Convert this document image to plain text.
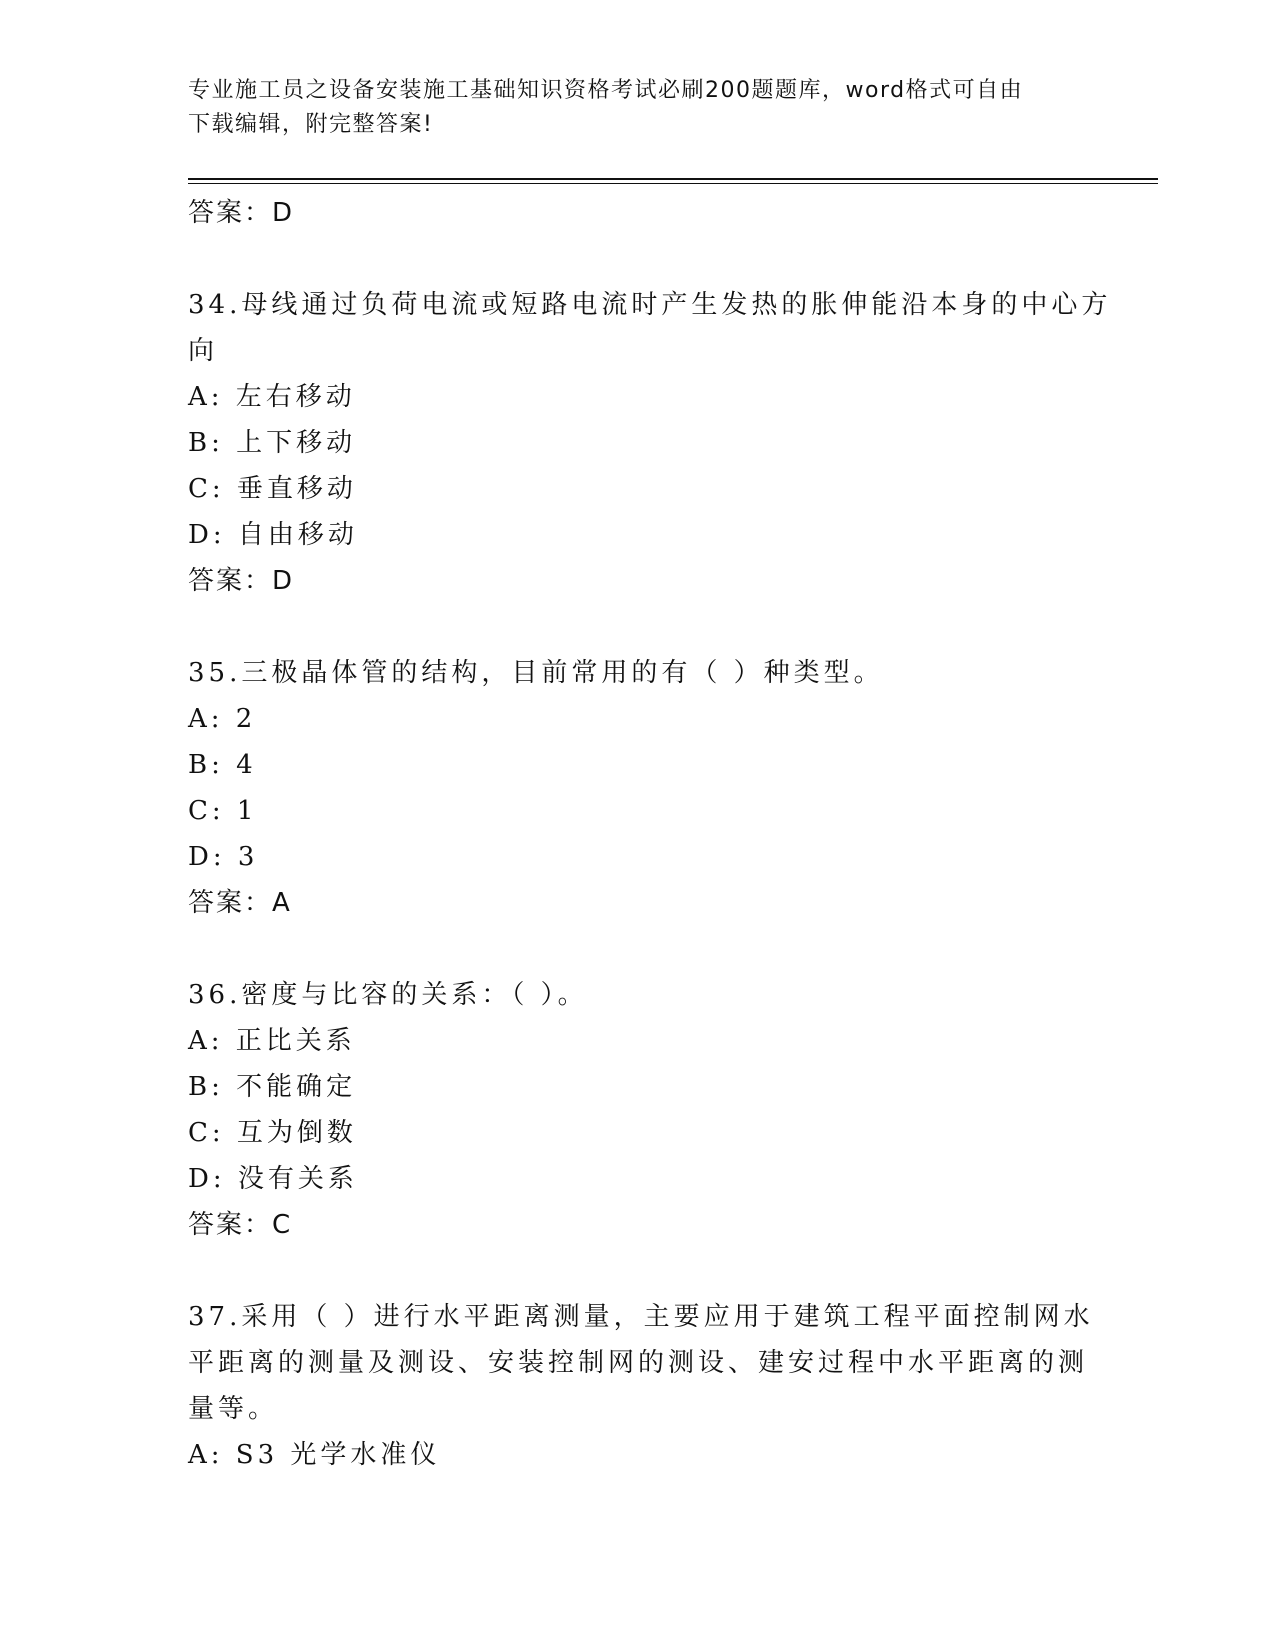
专业施工员之设备安装施工基础知识资格考试必刷200题题库，word格式可自由
下载编辑，附完整答案!
答案：D
34.母线通过负荷电流或短路电流时产生发热的胀伸能沿本身的中心方
向
A: 左右移动
B: 上下移动
C: 垂直移动
D: 自由移动
答案：D
35.三极晶体管的结构，目前常用的有（ ）种类型。
A: 2
B: 4
C: 1
D: 3
答案：A
36.密度与比容的关系：（ ）。
A: 正比关系
B: 不能确定
C: 互为倒数
D: 没有关系
答案：C
37.采用（ ）进行水平距离测量，主要应用于建筑工程平面控制网水
平距离的测量及测设、安装控制网的测设、建安过程中水平距离的测
量等。
A: S3 光学水准仪
